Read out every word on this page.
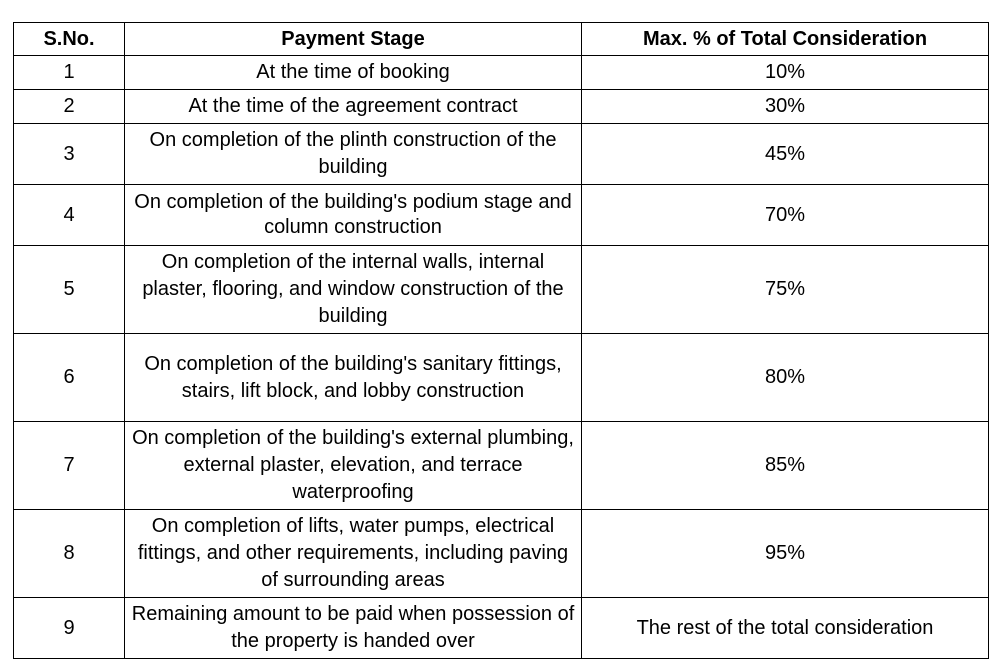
S.No.	Payment Stage	Max. % of Total Consideration
1	At the time of booking	10%
2	At the time of the agreement contract	30%
3	On completion of the plinth construction of the building	45%
4	On completion of the building's podium stage and column construction	70%
5	On completion of the internal walls, internal plaster, flooring, and window construction of the building	75%
6	On completion of the building's sanitary fittings, stairs, lift block, and lobby construction	80%
7	On completion of the building's external plumbing, external plaster, elevation, and terrace waterproofing	85%
8	On completion of lifts, water pumps, electrical fittings, and other requirements, including paving of surrounding areas	95%
9	Remaining amount to be paid when possession of the property is handed over	The rest of the total consideration
